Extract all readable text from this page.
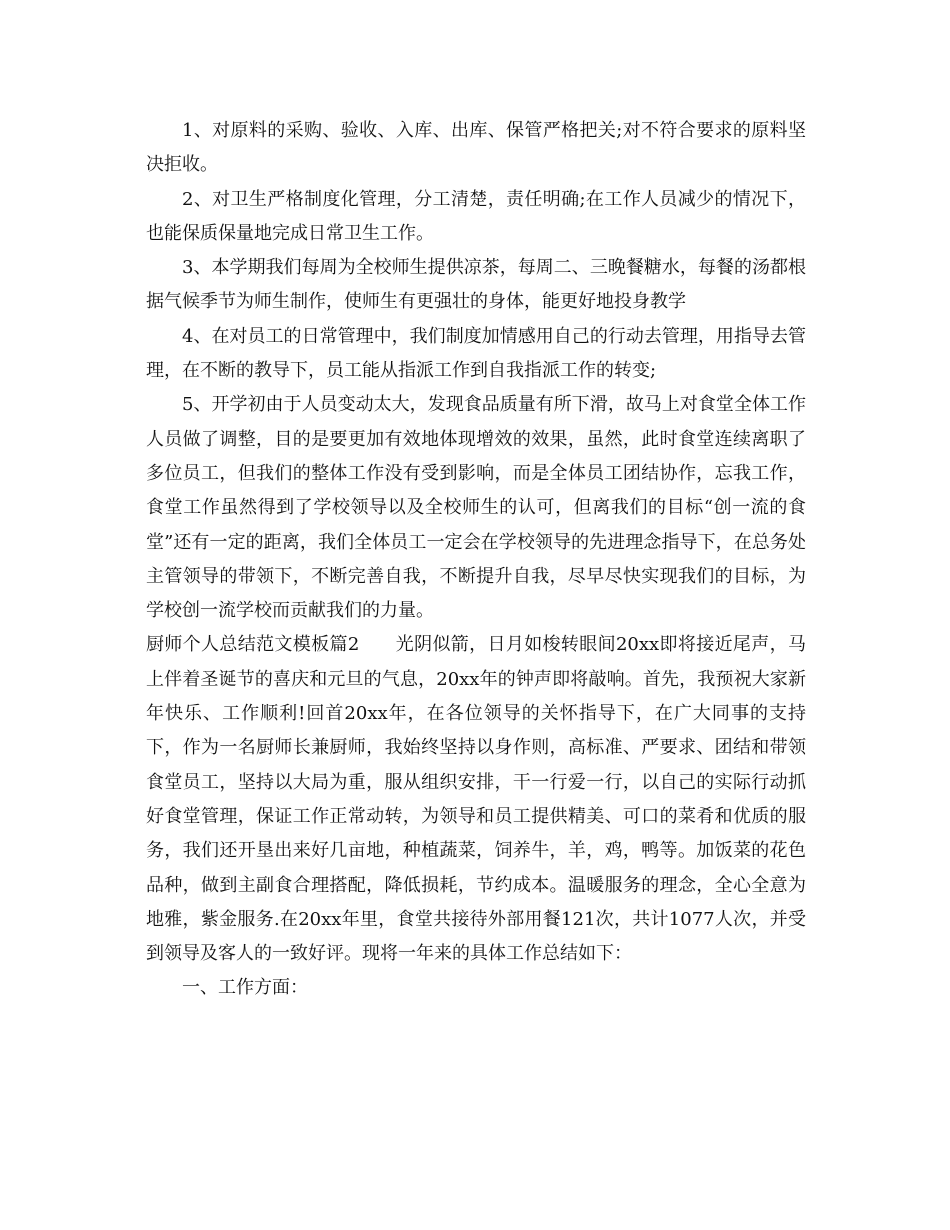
1、对原料的采购、验收、入库、出库、保管严格把关;对不符合要求的原料坚决拒收。

2、对卫生严格制度化管理，分工清楚，责任明确;在工作人员减少的情况下，也能保质保量地完成日常卫生工作。

3、本学期我们每周为全校师生提供凉茶，每周二、三晚餐糖水，每餐的汤都根据气候季节为师生制作，使师生有更强壮的身体，能更好地投身教学

4、在对员工的日常管理中，我们制度加情感用自己的行动去管理，用指导去管理，在不断的教导下，员工能从指派工作到自我指派工作的转变;

5、开学初由于人员变动太大，发现食品质量有所下滑，故马上对食堂全体工作人员做了调整，目的是要更加有效地体现增效的效果，虽然，此时食堂连续离职了多位员工，但我们的整体工作没有受到影响，而是全体员工团结协作，忘我工作，食堂工作虽然得到了学校领导以及全校师生的认可，但离我们的目标“创一流的食堂”还有一定的距离，我们全体员工一定会在学校领导的先进理念指导下，在总务处主管领导的带领下，不断完善自我，不断提升自我，尽早尽快实现我们的目标，为学校创一流学校而贡献我们的力量。

厨师个人总结范文模板篇2 光阴似箭，日月如梭转眼间20xx即将接近尾声，马上伴着圣诞节的喜庆和元旦的气息，20xx年的钟声即将敲响。首先，我预祝大家新年快乐、工作顺利!回首20xx年，在各位领导的关怀指导下，在广大同事的支持下，作为一名厨师长兼厨师，我始终坚持以身作则，高标准、严要求、团结和带领食堂员工，坚持以大局为重，服从组织安排，干一行爱一行，以自己的实际行动抓好食堂管理，保证工作正常动转，为领导和员工提供精美、可口的菜肴和优质的服务，我们还开垦出来好几亩地，种植蔬菜，饲养牛，羊，鸡，鸭等。加饭菜的花色品种，做到主副食合理搭配，降低损耗，节约成本。温暖服务的理念，全心全意为地雅，紫金服务.在20xx年里，食堂共接待外部用餐121次，共计1077人次，并受到领导及客人的一致好评。现将一年来的具体工作总结如下：

一、工作方面：
